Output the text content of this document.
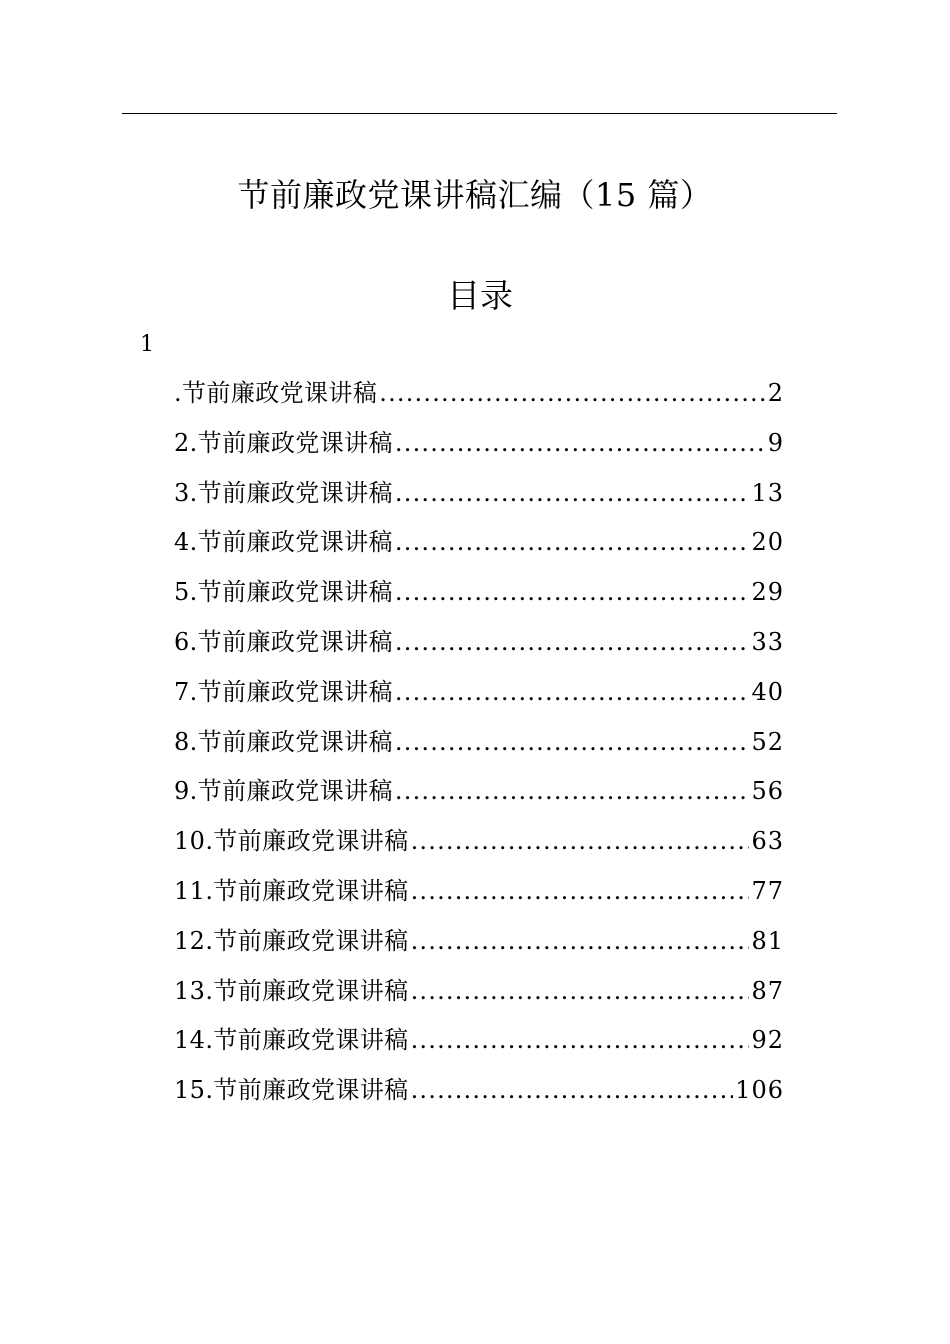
节前廉政党课讲稿汇编（15 篇）
目录
1
.节前廉政党课讲稿 .....	2
2.节前廉政党课讲稿 .....	9
3.节前廉政党课讲稿 .....	13
4.节前廉政党课讲稿 .....	20
5.节前廉政党课讲稿 .....	29
6.节前廉政党课讲稿 .....	33
7.节前廉政党课讲稿 .....	40
8.节前廉政党课讲稿 .....	52
9.节前廉政党课讲稿 .....	56
10.节前廉政党课讲稿 .....	63
11.节前廉政党课讲稿 .....	77
12.节前廉政党课讲稿 .....	81
13.节前廉政党课讲稿 .....	87
14.节前廉政党课讲稿 .....	92
15.节前廉政党课讲稿 .....	106
